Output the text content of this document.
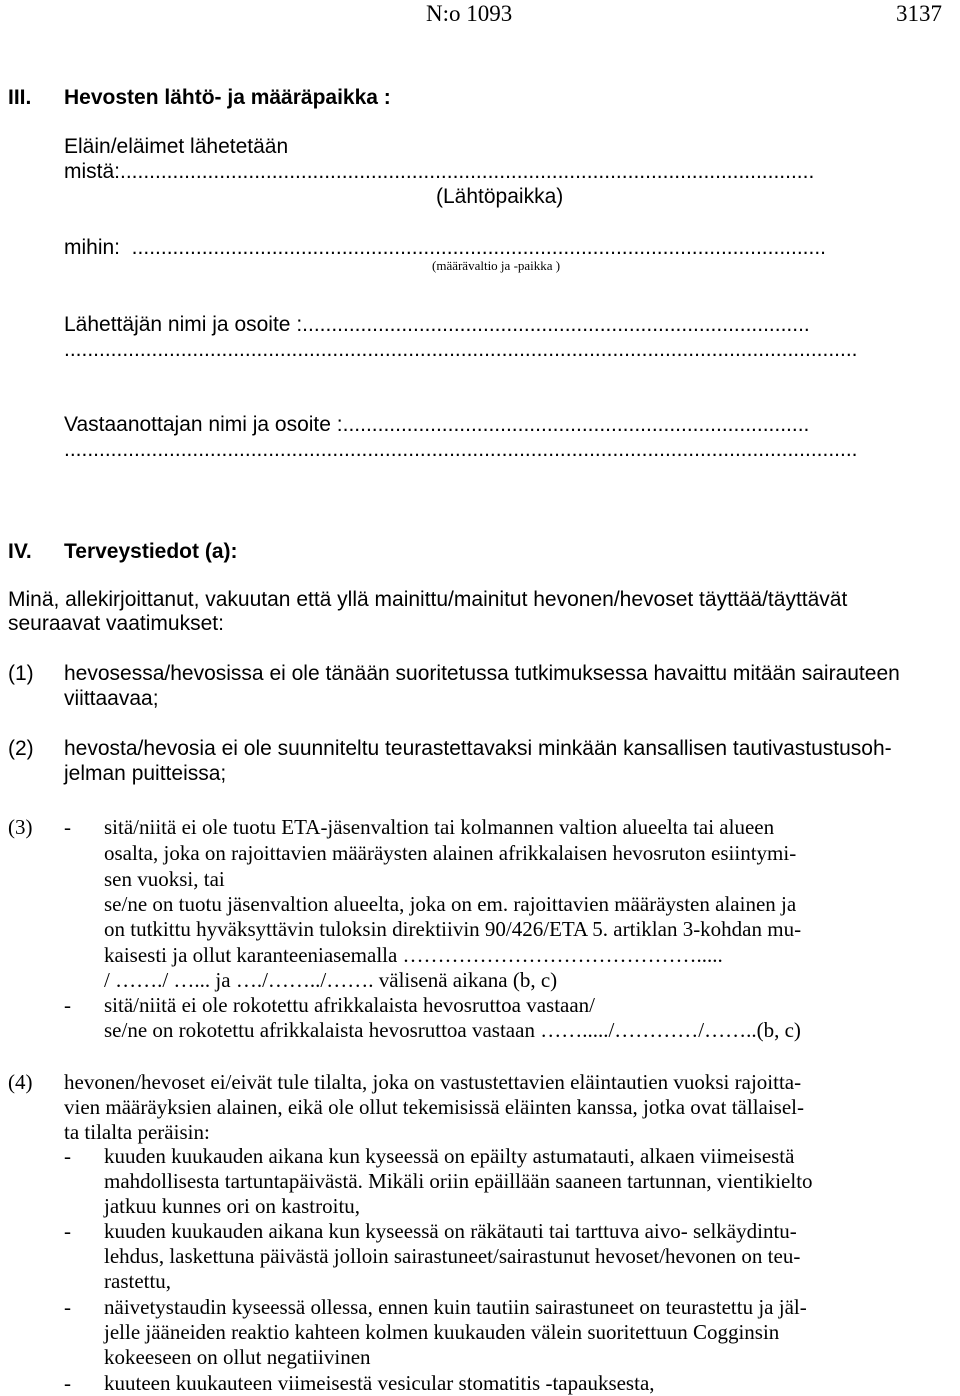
N:o 1093	3137
III. Hevosten lähtö- ja määräpaikka :
Eläin/eläimet lähetetään
mistä:.......................................................................................................................
(Lähtöpaikka)
mihin:  .......................................................................................................................
(määrävaltio ja -paikka )
Lähettäjän nimi ja osoite :.......................................................................................
........................................................................................................................................
Vastaanottajan nimi ja osoite :................................................................................
........................................................................................................................................
IV. Terveystiedot (a):
Minä, allekirjoittanut, vakuutan että yllä mainittu/mainitut hevonen/hevoset täyttää/täyttävät
seuraavat vaatimukset:
(1) hevosessa/hevosissa ei ole tänään suoritetussa tutkimuksessa havaittu mitään sairauteen
viittaavaa;
(2) hevosta/hevosia ei ole suunniteltu teurastettavaksi minkään kansallisen tautivastustusoh-
jelman puitteissa;
(3) - sitä/niitä ei ole tuotu ETA-jäsenvaltion tai kolmannen valtion alueelta tai alueen
osalta, joka on rajoittavien määräysten alainen afrikkalaisen hevosruton esiintymi-
sen vuoksi, tai
se/ne on tuotu jäsenvaltion alueelta, joka on em. rajoittavien määräysten alainen ja
on tutkittu hyväksyttävin tuloksin direktiivin 90/426/ETA 5. artiklan 3-kohdan mu-
kaisesti ja ollut karanteeniasemalla …………………………………….....
/ ……./ …... ja …./……../……. välisenä aikana (b, c)
- sitä/niitä ei ole rokotettu afrikkalaista hevosruttoa vastaan/
se/ne on rokotettu afrikkalaista hevosruttoa vastaan ……...../…………/……..(b, c)
(4) hevonen/hevoset ei/eivät tule tilalta, joka on vastustettavien eläintautien vuoksi rajoitta-
vien määräyksien alainen, eikä ole ollut tekemisissä eläinten kanssa, jotka ovat tällaisel-
ta tilalta peräisin:
- kuuden kuukauden aikana kun kyseessä on epäilty astumatauti, alkaen viimeisestä
mahdollisesta tartuntapäivästä. Mikäli oriin epäillään saaneen tartunnan, vientikielto
jatkuu kunnes ori on kastroitu,
- kuuden kuukauden aikana kun kyseessä on räkätauti tai tarttuva aivo- selkäydintu-
lehdus, laskettuna päivästä jolloin sairastuneet/sairastunut hevoset/hevonen on teu-
rastettu,
- näivetystaudin kyseessä ollessa, ennen kuin tautiin sairastuneet on teurastettu ja jäl-
jelle jääneiden reaktio kahteen kolmen kuukauden välein suoritettuun Cogginsin
kokeeseen on ollut negatiivinen
- kuuteen kuukauteen viimeisestä vesicular stomatitis -tapauksesta,
